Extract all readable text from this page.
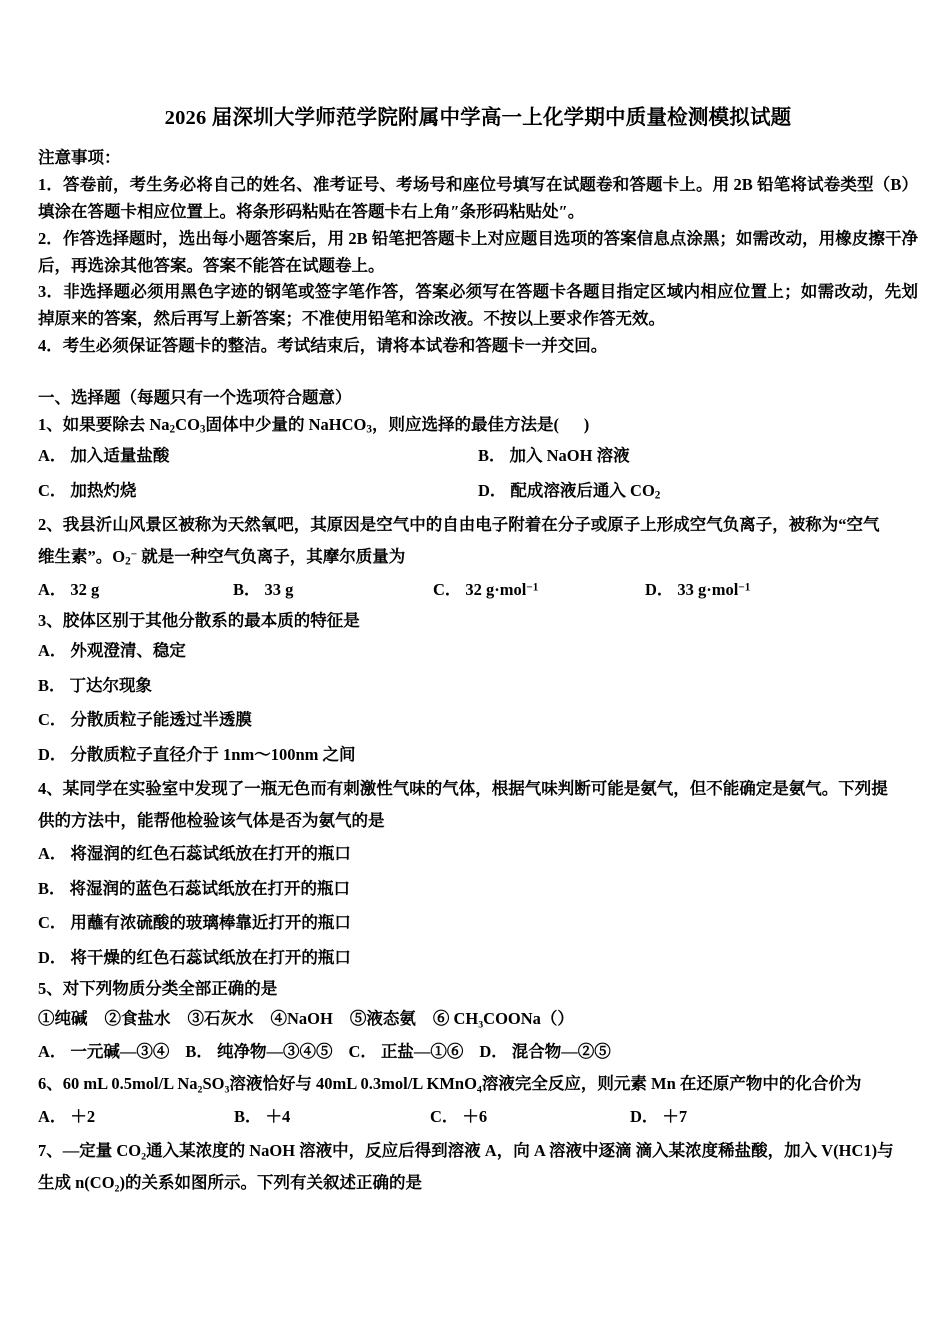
2026 届深圳大学师范学院附属中学高一上化学期中质量检测模拟试题

注意事项：

1．答卷前，考生务必将自己的姓名、准考证号、考场号和座位号填写在试题卷和答题卡上。用 2B 铅笔将试卷类型（B）填涂在答题卡相应位置上。将条形码粘贴在答题卡右上角″条形码粘贴处″。

2．作答选择题时，选出每小题答案后，用 2B 铅笔把答题卡上对应题目选项的答案信息点涂黑；如需改动，用橡皮擦干净后，再选涂其他答案。答案不能答在试题卷上。

3．非选择题必须用黑色字迹的钢笔或签字笔作答，答案必须写在答题卡各题目指定区域内相应位置上；如需改动，先划掉原来的答案，然后再写上新答案；不准使用铅笔和涂改液。不按以上要求作答无效。

4．考生必须保证答题卡的整洁。考试结束后，请将本试卷和答题卡一并交回。

一、选择题（每题只有一个选项符合题意）

1、如果要除去 $Na_2CO_3$固体中少量的 NaHCO$_3$，则应选择的最佳方法是(      )

A． 加入适量盐酸	B． 加入 NaOH 溶液
C． 加热灼烧	D． 配成溶液后通入 $CO_2$

2、我县沂山风景区被称为天然氧吧，其原因是空气中的自由电子附着在分子或原子上形成空气负离子，被称为“空气

维生素”。$O_2^-$ 就是一种空气负离子，其摩尔质量为

A． 32 g	B． 33 g	C． 32 g·mol$^{-1}$	D． 33 g·mol$^{-1}$

3、胶体区别于其他分散系的最本质的特征是

A． 外观澄清、稳定
B． 丁达尔现象
C． 分散质粒子能透过半透膜
D． 分散质粒子直径介于 1nm～100nm 之间

4、某同学在实验室中发现了一瓶无色而有刺激性气味的气体，根据气味判断可能是氨气，但不能确定是氨气。下列提

供的方法中，能帮他检验该气体是否为氨气的是

A． 将湿润的红色石蕊试纸放在打开的瓶口
B． 将湿润的蓝色石蕊试纸放在打开的瓶口
C． 用蘸有浓硫酸的玻璃棒靠近打开的瓶口
D． 将干燥的红色石蕊试纸放在打开的瓶口

5、对下列物质分类全部正确的是

①纯碱 ②食盐水 ③石灰水 ④NaOH ⑤液态氨 ⑥ CH₃COONa（）

A． 一元碱—③④ B． 纯净物—③④⑤ C． 正盐—①⑥ D． 混合物—②⑤

6、60 mL 0.5mol/L Na₂SO₃溶液恰好与 40mL 0.3mol/L KMnO₄溶液完全反应，则元素 Mn 在还原产物中的化合价为

A． ＋2	B． ＋4	C． ＋6	D． ＋7

7、—定量 CO₂通入某浓度的 NaOH 溶液中，反应后得到溶液 A，向 A 溶液中逐滴 滴入某浓度稀盐酸，加入 V(HC1)与

生成 n(CO₂)的关系如图所示。下列有关叙述正确的是
